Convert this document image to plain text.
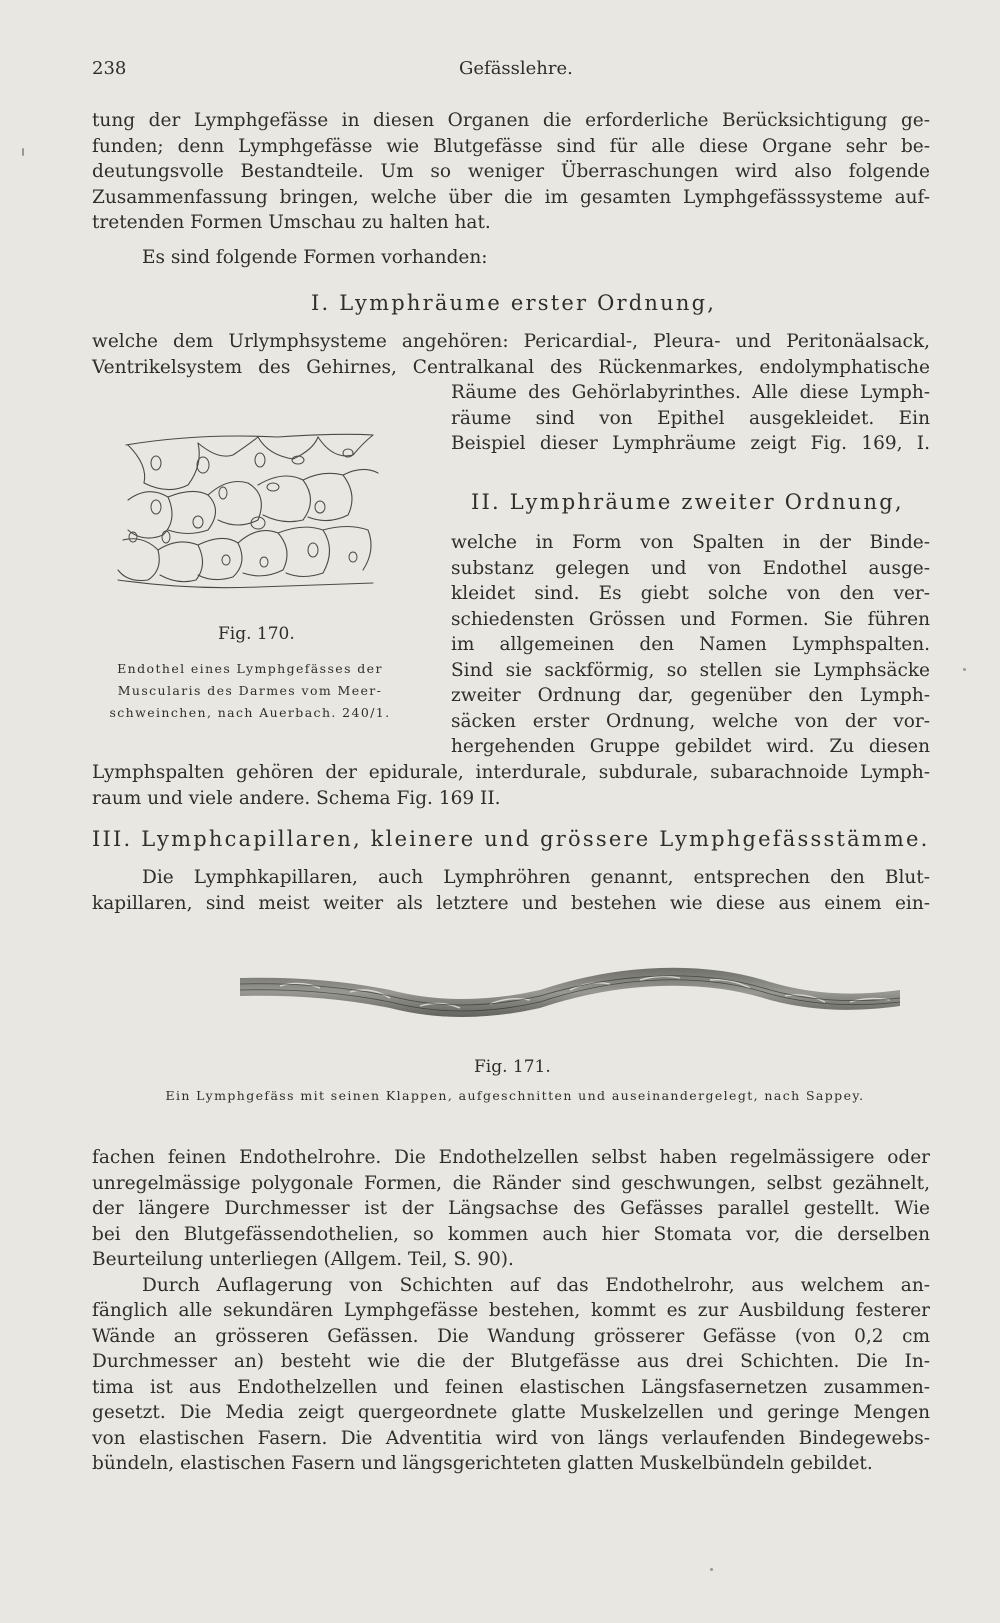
238	Gefässlehre.
tung der Lymphgefässe in diesen Organen die erforderliche Berücksichtigung ge-
funden; denn Lymphgefässe wie Blutgefässe sind für alle diese Organe sehr be-
deutungsvolle Bestandteile. Um so weniger Überraschungen wird also folgende
Zusammenfassung bringen, welche über die im gesamten Lymphgefässsysteme auf-
tretenden Formen Umschau zu halten hat.
Es sind folgende Formen vorhanden:
I. Lymphräume erster Ordnung,
welche dem Urlymphsysteme angehören: Pericardial-, Pleura- und Peritonäalsack,
Ventrikelsystem des Gehirnes, Centralkanal des Rückenmarkes, endolymphatische
Räume des Gehörlabyrinthes. Alle diese Lymph-
räume sind von Epithel ausgekleidet. Ein
Beispiel dieser Lymphräume zeigt Fig. 169, I.
II. Lymphräume zweiter Ordnung,
welche in Form von Spalten in der Binde-
substanz gelegen und von Endothel ausge-
kleidet sind. Es giebt solche von den ver-
schiedensten Grössen und Formen. Sie führen
im allgemeinen den Namen Lymphspalten.
Sind sie sackförmig, so stellen sie Lymphsäcke
zweiter Ordnung dar, gegenüber den Lymph-
säcken erster Ordnung, welche von der vor-
hergehenden Gruppe gebildet wird. Zu diesen
Lymphspalten gehören der epidurale, interdurale, subdurale, subarachnoide Lymph-
raum und viele andere. Schema Fig. 169 II.
Fig. 170.
Endothel eines Lymphgefässes der
Muscularis des Darmes vom Meer-
schweinchen, nach Auerbach. 240/1.
III. Lymphcapillaren, kleinere und grössere Lymphgefässstämme.
Die Lymphkapillaren, auch Lymphröhren genannt, entsprechen den Blut-
kapillaren, sind meist weiter als letztere und bestehen wie diese aus einem ein-
Fig. 171.
Ein Lymphgefäss mit seinen Klappen, aufgeschnitten und auseinandergelegt, nach Sappey.
fachen feinen Endothelrohre. Die Endothelzellen selbst haben regelmässigere oder
unregelmässige polygonale Formen, die Ränder sind geschwungen, selbst gezähnelt,
der längere Durchmesser ist der Längsachse des Gefässes parallel gestellt. Wie
bei den Blutgefässendothelien, so kommen auch hier Stomata vor, die derselben
Beurteilung unterliegen (Allgem. Teil, S. 90).
Durch Auflagerung von Schichten auf das Endothelrohr, aus welchem an-
fänglich alle sekundären Lymphgefässe bestehen, kommt es zur Ausbildung festerer
Wände an grösseren Gefässen. Die Wandung grösserer Gefässe (von 0,2 cm
Durchmesser an) besteht wie die der Blutgefässe aus drei Schichten. Die In-
tima ist aus Endothelzellen und feinen elastischen Längsfasernetzen zusammen-
gesetzt. Die Media zeigt quergeordnete glatte Muskelzellen und geringe Mengen
von elastischen Fasern. Die Adventitia wird von längs verlaufenden Bindegewebs-
bündeln, elastischen Fasern und längsgerichteten glatten Muskelbündeln gebildet.
